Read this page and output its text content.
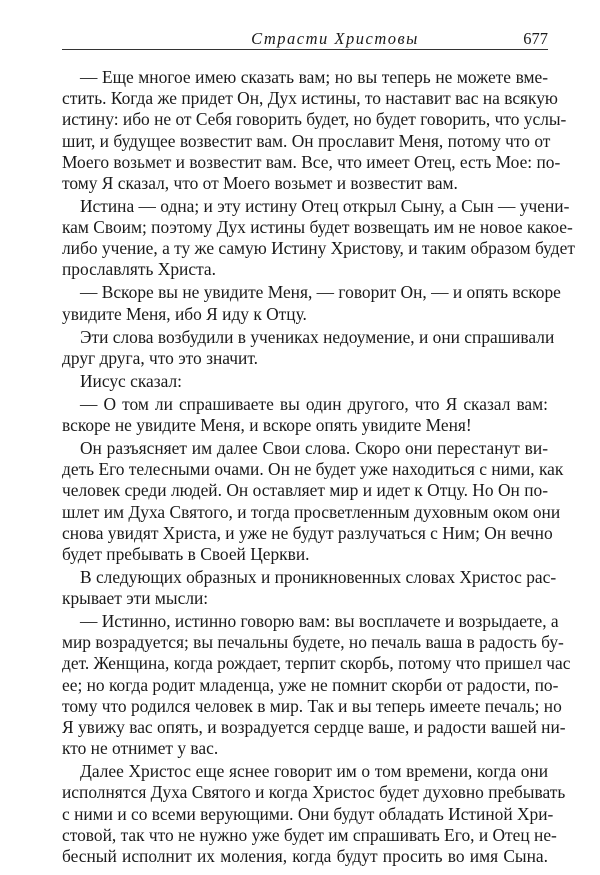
Страсти Христовы	677
— Еще многое имею сказать вам; но вы теперь не можете вме-
стить. Когда же придет Он, Дух истины, то наставит вас на всякую
истину: ибо не от Себя говорить будет, но будет говорить, что услы-
шит, и будущее возвестит вам. Он прославит Меня, потому что от
Моего возьмет и возвестит вам. Все, что имеет Отец, есть Мое: по-
тому Я сказал, что от Моего возьмет и возвестит вам.
Истина — одна; и эту истину Отец открыл Сыну, а Сын — учени-
кам Своим; поэтому Дух истины будет возвещать им не новое какое-
либо учение, а ту же самую Истину Христову, и таким образом будет
прославлять Христа.
— Вскоре вы не увидите Меня, — говорит Он, — и опять вскоре
увидите Меня, ибо Я иду к Отцу.
Эти слова возбудили в учениках недоумение, и они спрашивали
друг друга, что это значит.
Иисус сказал:
— О том ли спрашиваете вы один другого, что Я сказал вам:
вскоре не увидите Меня, и вскоре опять увидите Меня!
Он разъясняет им далее Свои слова. Скоро они перестанут ви-
деть Его телесными очами. Он не будет уже находиться с ними, как
человек среди людей. Он оставляет мир и идет к Отцу. Но Он по-
шлет им Духа Святого, и тогда просветленным духовным оком они
снова увидят Христа, и уже не будут разлучаться с Ним; Он вечно
будет пребывать в Своей Церкви.
В следующих образных и проникновенных словах Христос рас-
крывает эти мысли:
— Истинно, истинно говорю вам: вы восплачете и возрыдаете, а
мир возрадуется; вы печальны будете, но печаль ваша в радость бу-
дет. Женщина, когда рождает, терпит скорбь, потому что пришел час
ее; но когда родит младенца, уже не помнит скорби от радости, по-
тому что родился человек в мир. Так и вы теперь имеете печаль; но
Я увижу вас опять, и возрадуется сердце ваше, и радости вашей ни-
кто не отнимет у вас.
Далее Христос еще яснее говорит им о том времени, когда они
исполнятся Духа Святого и когда Христос будет духовно пребывать
с ними и со всеми верующими. Они будут обладать Истиной Хри-
стовой, так что не нужно уже будет им спрашивать Его, и Отец не-
бесный исполнит их моления, когда будут просить во имя Сына.
